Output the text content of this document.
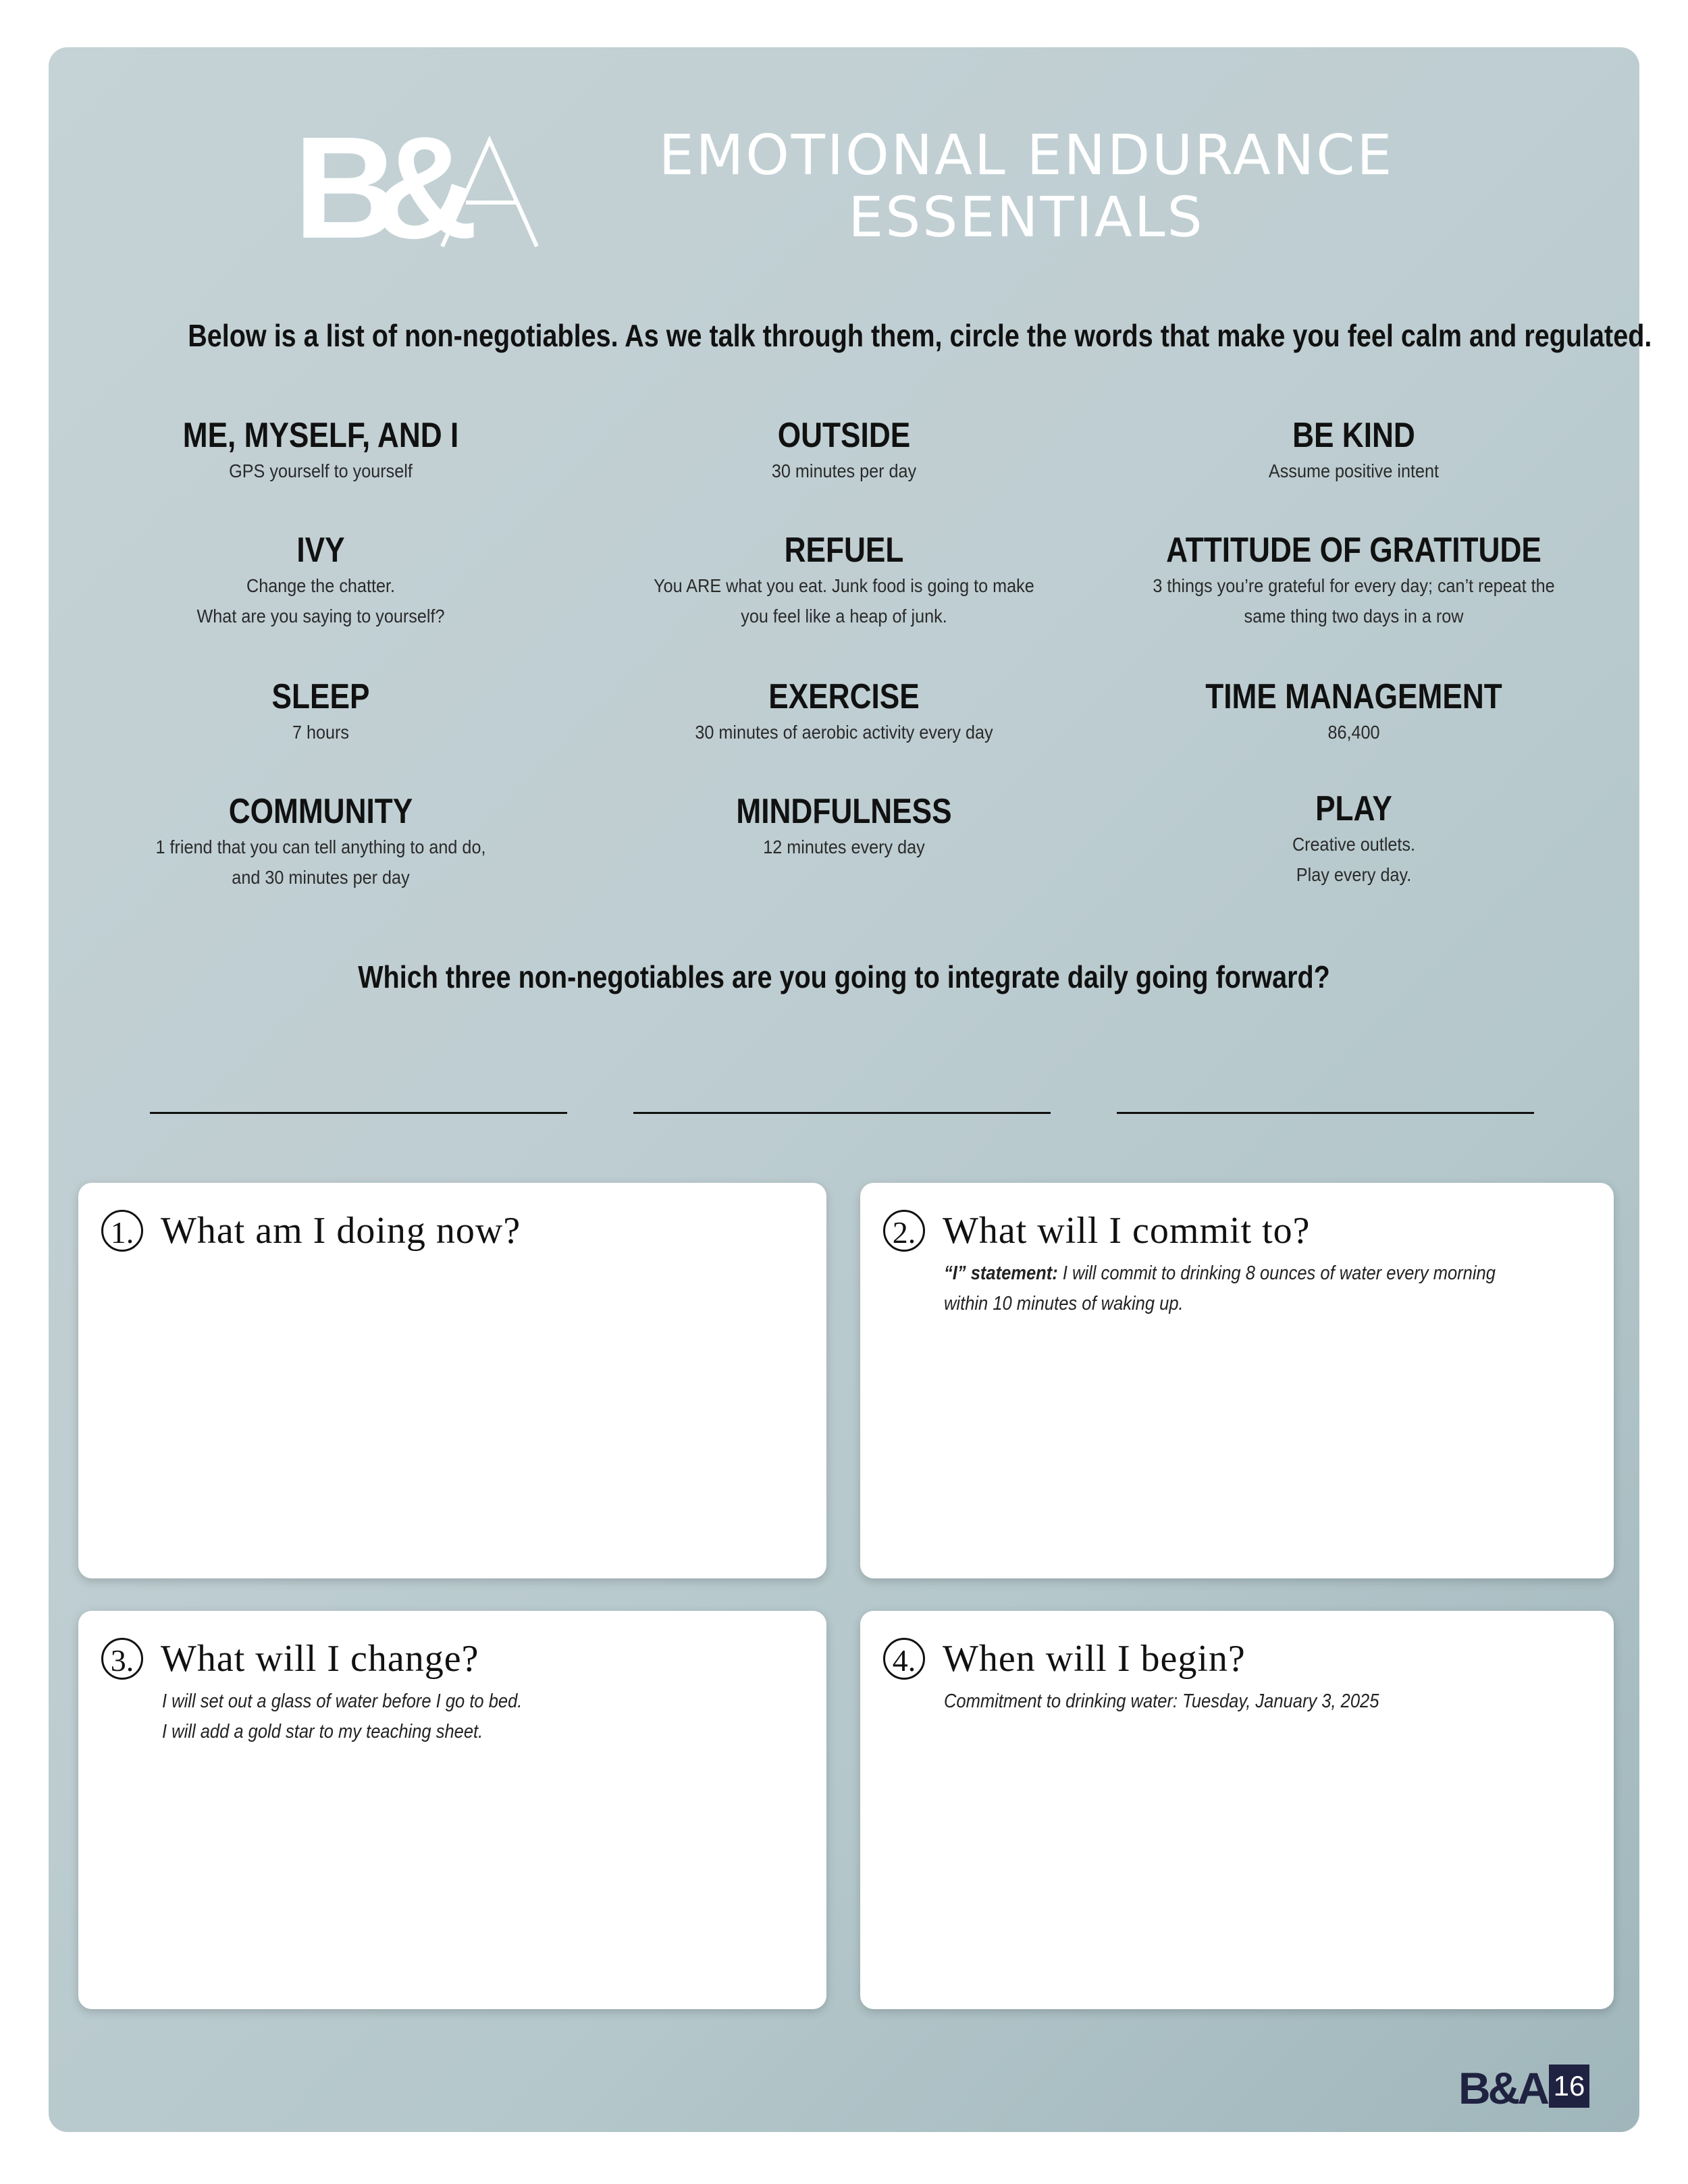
B
&	EMOTIONAL ENDURANCE
ESSENTIALS
Below is a list of non-negotiables. As we talk through them, circle the words that make you feel calm and regulated.
ME, MYSELF, AND I
GPS yourself to yourself
OUTSIDE
30 minutes per day
BE KIND
Assume positive intent
IVY
Change the chatter.
What are you saying to yourself?
REFUEL
You ARE what you eat. Junk food is going to make
you feel like a heap of junk.
ATTITUDE OF GRATITUDE
3 things you’re grateful for every day; can’t repeat the
same thing two days in a row
SLEEP
7 hours
EXERCISE
30 minutes of aerobic activity every day
TIME MANAGEMENT
86,400
COMMUNITY
1 friend that you can tell anything to and do,
and 30 minutes per day
MINDFULNESS
12 minutes every day
PLAY
Creative outlets.
Play every day.
Which three non-negotiables are you going to integrate daily going forward?
1. What am I doing now?	2. What will I commit to?
“I” statement: I will commit to drinking 8 ounces of water every morning
within 10 minutes of waking up.
3. What will I change?
I will set out a glass of water before I go to bed.
I will add a gold star to my teaching sheet.
4. When will I begin?
Commitment to drinking water: Tuesday, January 3, 2025
B&A 16
